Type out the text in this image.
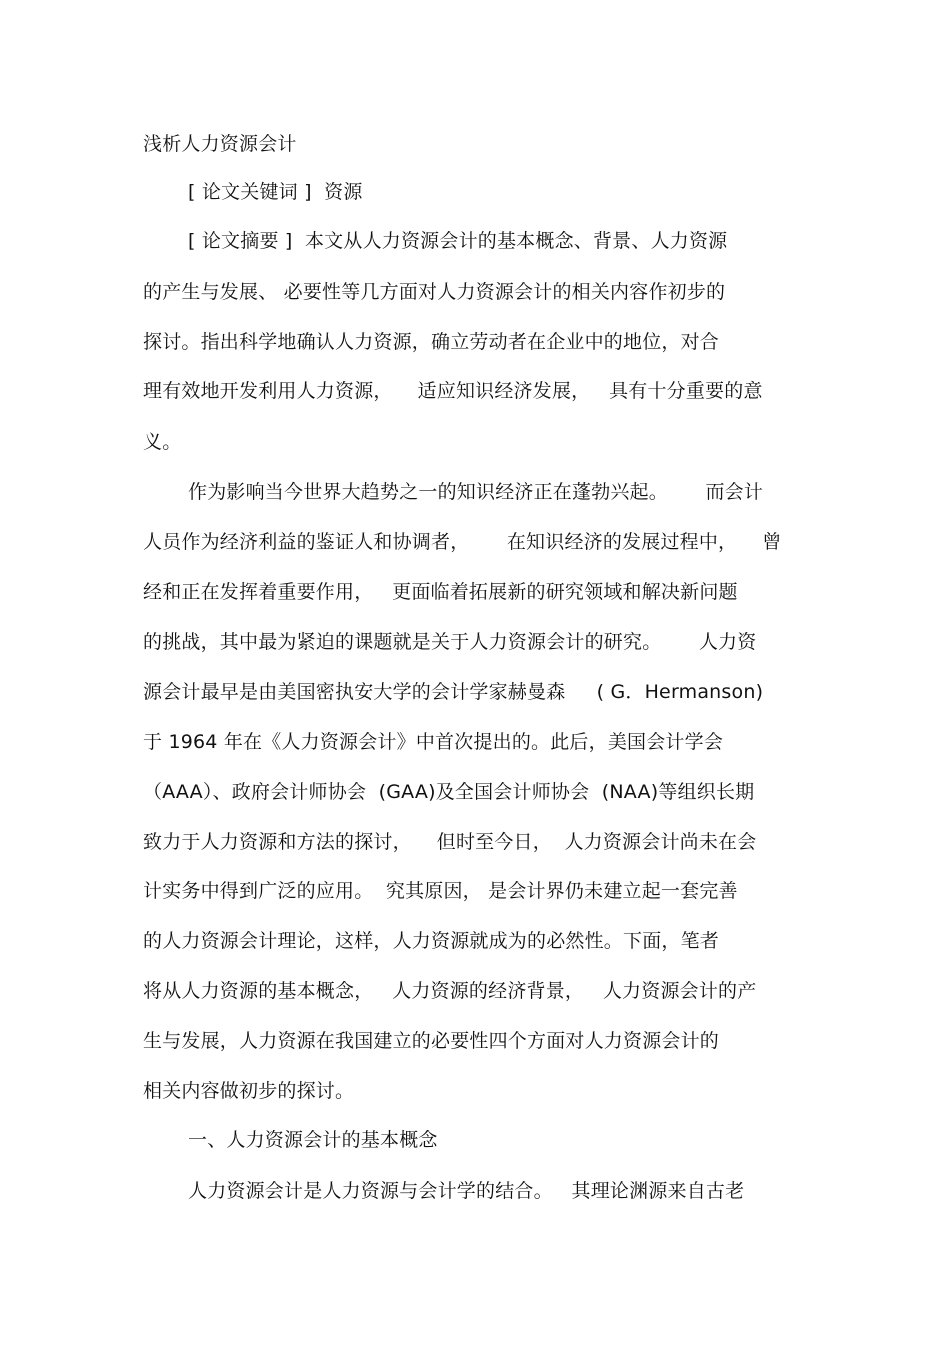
浅析人力资源会计
[ 论文关键词 ]  资源
[ 论文摘要 ]  本文从人力资源会计的基本概念、背景、人力资源
的产生与发展、 必要性等几方面对人力资源会计的相关内容作初步的
探讨。指出科学地确认人力资源，确立劳动者在企业中的地位，对合
理有效地开发利用人力资源，    适应知识经济发展，   具有十分重要的意
义。
作为影响当今世界大趋势之一的知识经济正在蓬勃兴起。      而会计
人员作为经济利益的鉴证人和协调者，      在知识经济的发展过程中，    曾
经和正在发挥着重要作用，   更面临着拓展新的研究领域和解决新问题
的挑战，其中最为紧迫的课题就是关于人力资源会计的研究。      人力资
源会计最早是由美国密执安大学的会计学家赫曼森     ( G．Hermanson)
于 1964 年在《人力资源会计》中首次提出的。此后，美国会计学会
（AAA）、政府会计师协会  (GAA)及全国会计师协会  (NAA)等组织长期
致力于人力资源和方法的探讨，    但时至今日，  人力资源会计尚未在会
计实务中得到广泛的应用。  究其原因， 是会计界仍未建立起一套完善
的人力资源会计理论，这样，人力资源就成为的必然性。下面，笔者
将从人力资源的基本概念，   人力资源的经济背景，   人力资源会计的产
生与发展，人力资源在我国建立的必要性四个方面对人力资源会计的
相关内容做初步的探讨。
一、人力资源会计的基本概念
人力资源会计是人力资源与会计学的结合。   其理论渊源来自古老
